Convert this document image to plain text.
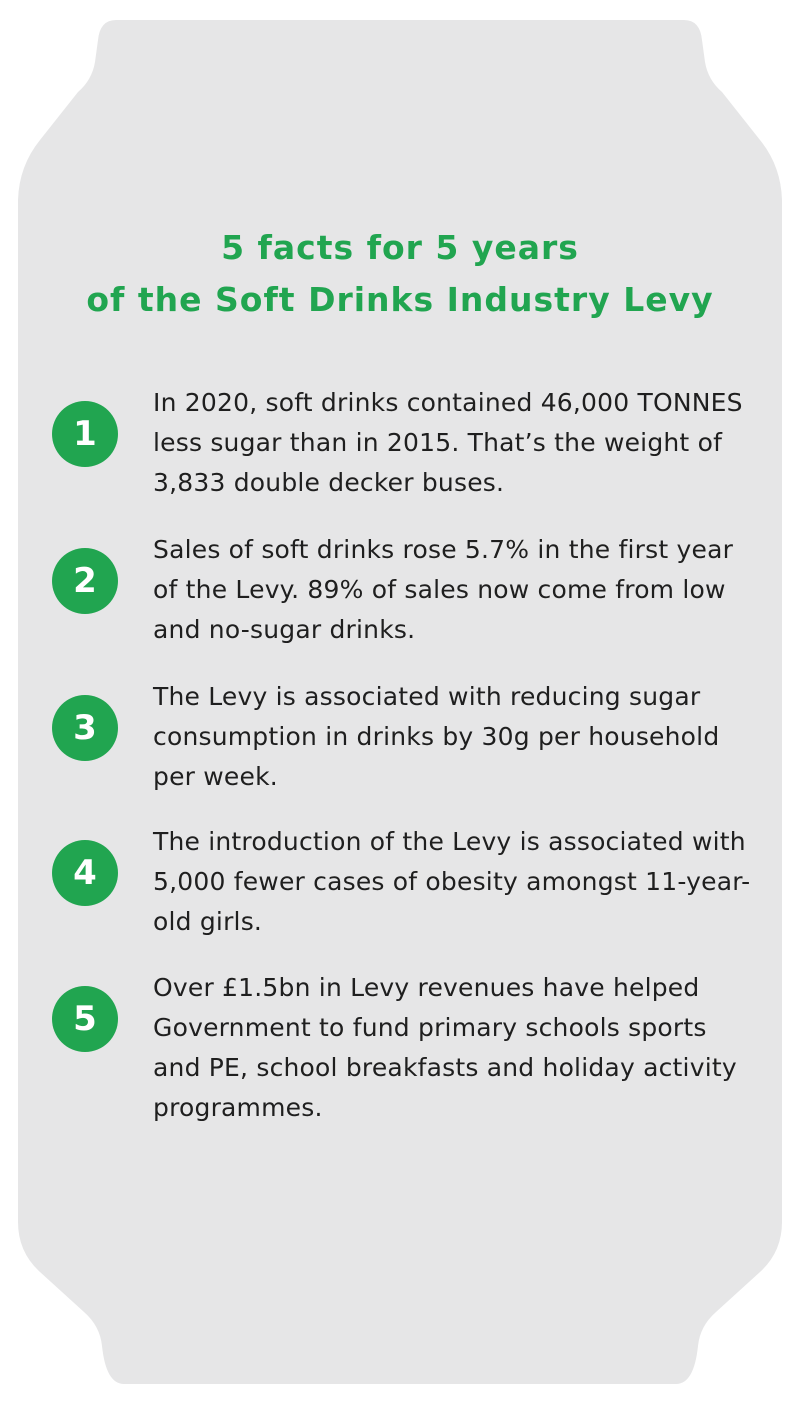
5 facts for 5 years
of the Soft Drinks Industry Levy
1

In 2020, soft drinks contained 46,000 TONNES less sugar than in 2015. That’s the weight of 3,833 double decker buses.

2

Sales of soft drinks rose 5.7% in the first year of the Levy. 89% of sales now come from low and no-sugar drinks.

3

The Levy is associated with reducing sugar consumption in drinks by 30g per household per week.

4

The introduction of the Levy is associated with 5,000 fewer cases of obesity amongst 11-year-old girls.

5

Over £1.5bn in Levy revenues have helped Government to fund primary schools sports and PE, school breakfasts and holiday activity programmes.
